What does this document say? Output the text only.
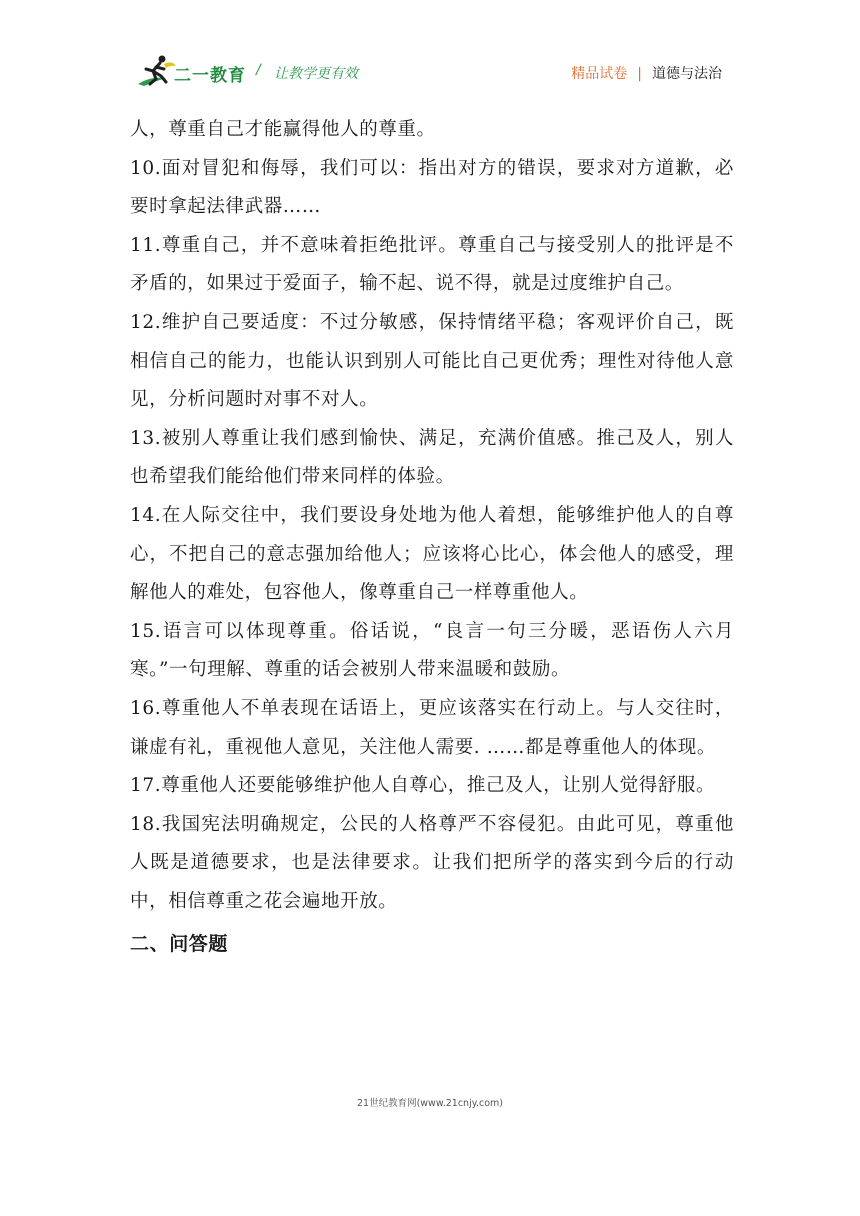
二一教育 / 让教学更有效	精品试卷 | 道德与法治

人，尊重自己才能赢得他人的尊重。

10.面对冒犯和侮辱，我们可以：指出对方的错误，要求对方道歉，必要时拿起法律武器……

11.尊重自己，并不意味着拒绝批评。尊重自己与接受别人的批评是不矛盾的，如果过于爱面子，输不起、说不得，就是过度维护自己。

12.维护自己要适度：不过分敏感，保持情绪平稳；客观评价自己，既相信自己的能力，也能认识到别人可能比自己更优秀；理性对待他人意见，分析问题时对事不对人。

13.被别人尊重让我们感到愉快、满足，充满价值感。推己及人，别人也希望我们能给他们带来同样的体验。

14.在人际交往中，我们要设身处地为他人着想，能够维护他人的自尊心，不把自己的意志强加给他人；应该将心比心，体会他人的感受，理解他人的难处，包容他人，像尊重自己一样尊重他人。

15.语言可以体现尊重。俗话说，“良言一句三分暖，恶语伤人六月寒。”一句理解、尊重的话会被别人带来温暖和鼓励。

16.尊重他人不单表现在话语上，更应该落实在行动上。与人交往时，谦虚有礼，重视他人意见，关注他人需要. ……都是尊重他人的体现。

17.尊重他人还要能够维护他人自尊心，推己及人，让别人觉得舒服。

18.我国宪法明确规定，公民的人格尊严不容侵犯。由此可见，尊重他人既是道德要求，也是法律要求。让我们把所学的落实到今后的行动中，相信尊重之花会遍地开放。

二、问答题
21世纪教育网(www.21cnjy.com)
